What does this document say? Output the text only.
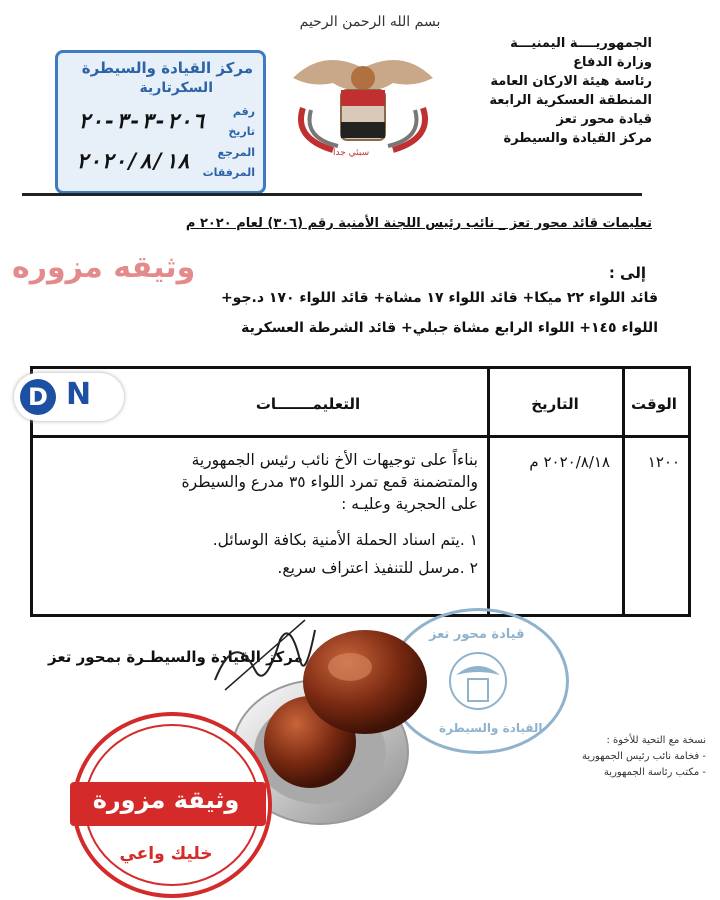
الجمهوريــــة اليمنيـــة
وزارة الدفاع
رئاسة هيئة الاركان العامة
المنطقة العسكرية الرابعة
قيادة محور تعز
مركز القيادة والسيطرة
بسم الله الرحمن الرحيم
سبئي جدا
مركز القيادة والسيطرة
السكرتارية
رقم
تاريخ
المرجع
المرفقات
٢٠٦-٣-٣-٢٠
٢٠٢٠/٨/١٨
تعليمات قائد محور تعز _ نائب رئيس اللجنة الأمنية رقم (٣٠٦) لعام ٢٠٢٠ م
وثيقه مزوره	إلى :
قائد اللواء ٢٢ ميكا+ قائد اللواء ١٧ مشاة+ قائد اللواء ١٧٠ د.جو+
اللواء ١٤٥+ اللواء الرابع مشاة جبلي+ قائد الشرطة العسكرية
الوقت
التاريخ
التعليمـــــــات
١٢٠٠
٢٠٢٠/٨/١٨ م
بناءاً على توجيهات الأخ نائب رئيس الجمهورية
والمتضمنة قمع تمرد اللواء ٣٥ مدرع والسيطرة
على الحجرية وعليـه :
١ .يتم اسناد الحملة الأمنية بكافة الوسائل.
٢ .مرسل للتنفيذ اعتراف سريع.
D N
مركز القيادة والسيطـرة بمحور تعز
قيادة محور تعز
القيادة والسيطرة
نسخة مع التحية للأخوة :
- فخامة نائب رئيس الجمهورية
- مكتب رئاسة الجمهورية
وثيقة مزورة
خليك واعي
